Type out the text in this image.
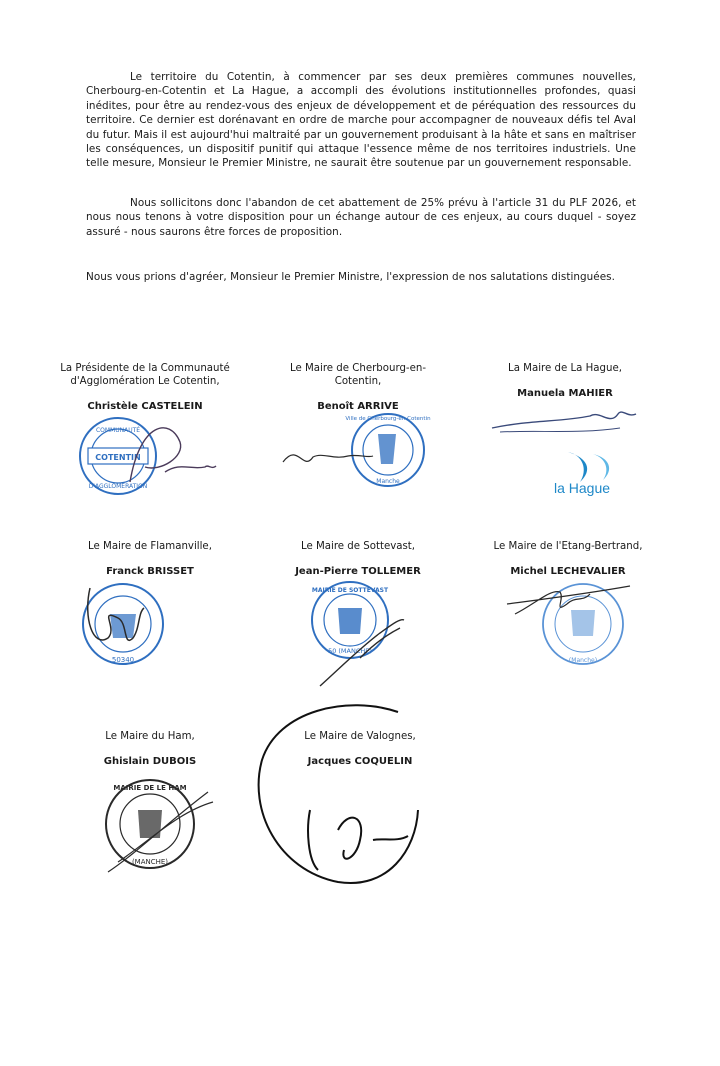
Le territoire du Cotentin, à commencer par ses deux premières communes nouvelles, Cherbourg-en-Cotentin et La Hague, a accompli des évolutions institutionnelles profondes, quasi inédites, pour être au rendez-vous des enjeux de développement et de péréquation des ressources du territoire. Ce dernier est dorénavant en ordre de marche pour accompagner de nouveaux défis tel Aval du futur. Mais il est aujourd'hui maltraité par un gouvernement produisant à la hâte et sans en maîtriser les conséquences, un dispositif punitif qui attaque l'essence même de nos territoires industriels. Une telle mesure, Monsieur le Premier Ministre, ne saurait être soutenue par un gouvernement responsable.
Nous sollicitons donc l'abandon de cet abattement de 25% prévu à l'article 31 du PLF 2026, et nous nous tenons à votre disposition pour un échange autour de ces enjeux, au cours duquel - soyez assuré - nous saurons être forces de proposition.
Nous vous prions d'agréer, Monsieur le Premier Ministre, l'expression de nos salutations distinguées.
La Présidente de la Communauté
d'Agglomération Le Cotentin,
Christèle CASTELEIN
COTENTIN
COMMUNAUTÉ
D'AGGLOMÉRATION
Le Maire de Cherbourg-en-
Cotentin,
Benoît ARRIVE
Manche
Ville de Cherbourg-en-Cotentin
La Maire de La Hague,
Manuela MAHIER
la Hague
Le Maire de Flamanville,
Franck BRISSET
50340
Le Maire de Sottevast,
Jean-Pierre TOLLEMER
MAIRIE DE SOTTEVAST
50 (MANCHE)
Le Maire de l'Etang-Bertrand,
Michel LECHEVALIER
(Manche)
Le Maire du Ham,
Ghislain DUBOIS
MAIRIE DE LE HAM
(MANCHE)
Le Maire de Valognes,
Jacques COQUELIN
